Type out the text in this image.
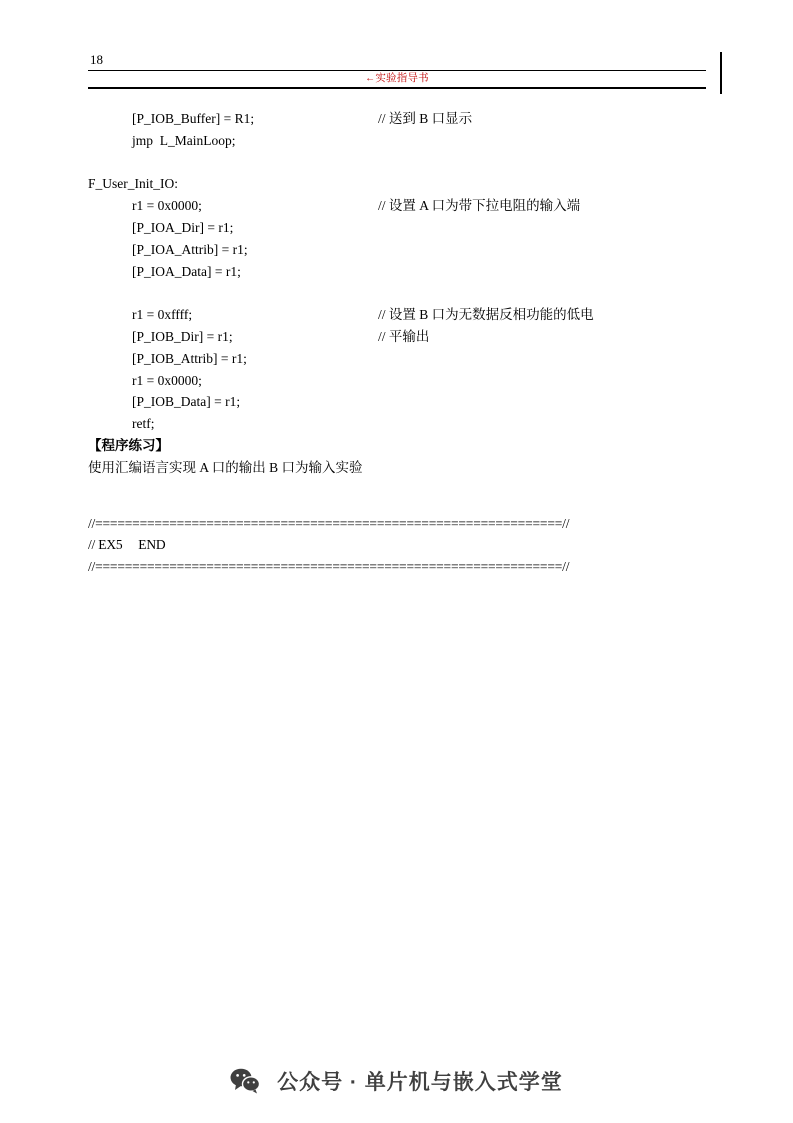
18
←实验指导书
[P_IOB_Buffer] = R1;	// 送到 B 口显示
jmp  L_MainLoop;
F_User_Init_IO:
r1 = 0x0000;	// 设置 A 口为带下拉电阻的输入端
[P_IOA_Dir] = r1;
[P_IOA_Attrib] = r1;
[P_IOA_Data] = r1;
r1 = 0xffff;	// 设置 B 口为无数据反相功能的低电
[P_IOB_Dir] = r1;	// 平输出
[P_IOB_Attrib] = r1;
r1 = 0x0000;
[P_IOB_Data] = r1;
retf;
【程序练习】
使用汇编语言实现 A 口的输出 B 口为输入实验
//===============================================================//
// EX5     END
//===============================================================//
公众号 · 单片机与嵌入式学堂
